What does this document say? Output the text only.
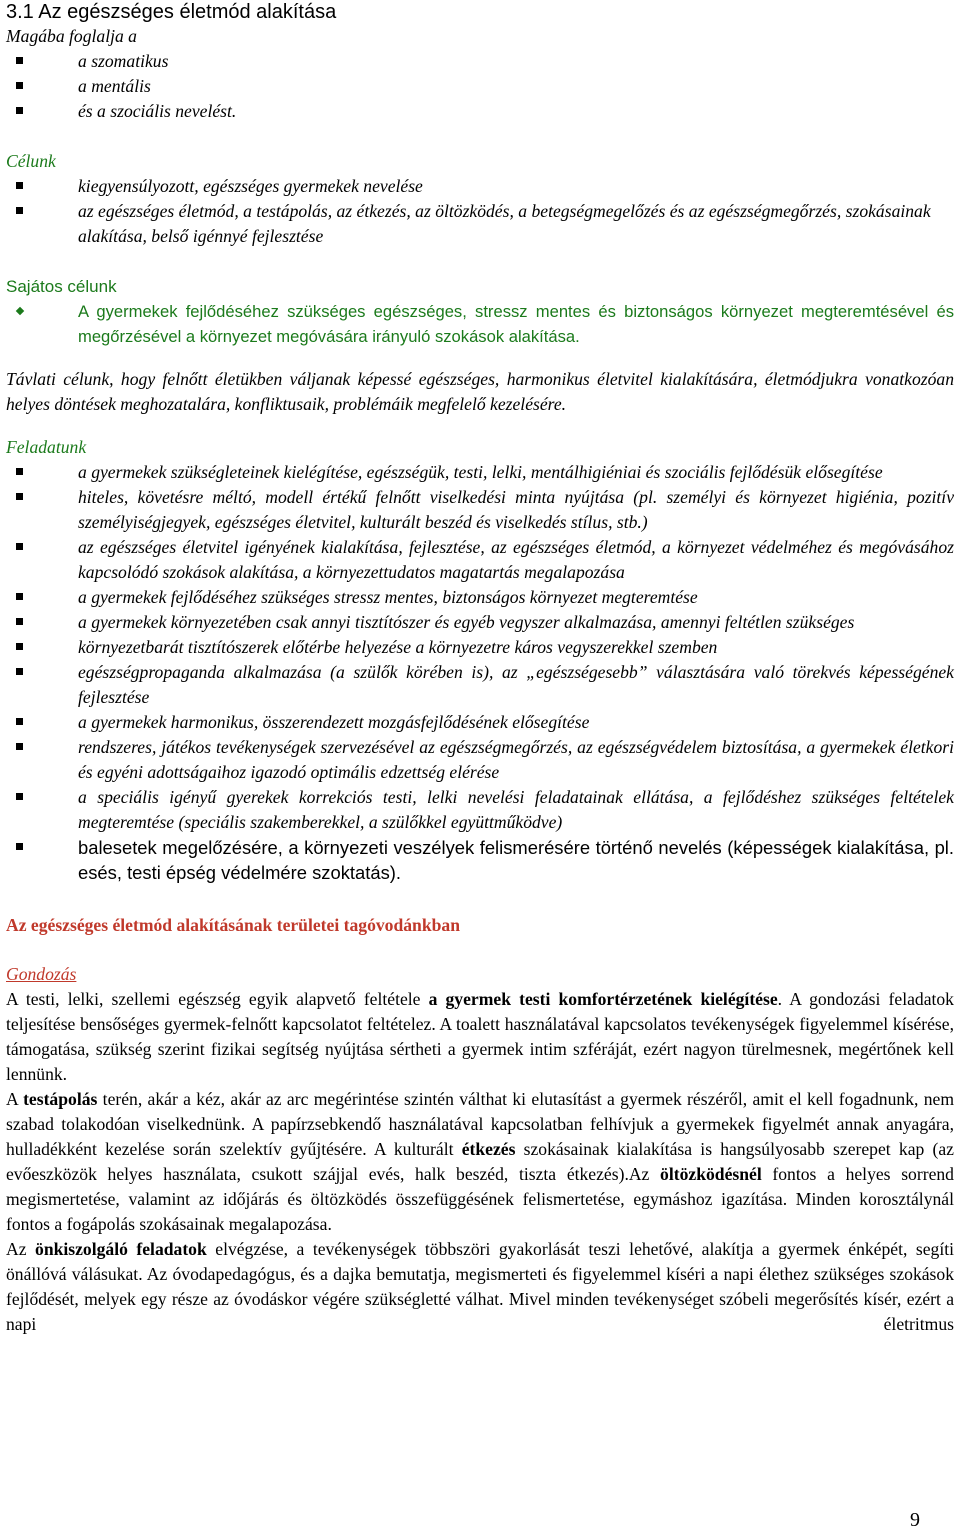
3.1 Az egészséges életmód alakítása

Magába foglalja a

a szomatikus
a mentális
és a szociális nevelést.

Célunk

kiegyensúlyozott, egészséges gyermekek nevelése
az egészséges életmód, a testápolás, az étkezés, az öltözködés, a betegségmegelőzés és az egészségmegőrzés, szokásainak alakítása, belső igénnyé fejlesztése

Sajátos célunk

A gyermekek fejlődéséhez szükséges egészséges, stressz mentes és biztonságos környezet megteremtésével és megőrzésével a környezet megóvására irányuló szokások alakítása.

Távlati célunk, hogy felnőtt életükben váljanak képessé egészséges, harmonikus életvitel kialakítására, életmódjukra vonatkozóan helyes döntések meghozatalára, konfliktusaik, problémáik megfelelő kezelésére.

Feladatunk

a gyermekek szükségleteinek kielégítése, egészségük, testi, lelki, mentálhigiéniai és szociális fejlődésük elősegítése
hiteles, követésre méltó, modell értékű felnőtt viselkedési minta nyújtása (pl. személyi és környezet higiénia, pozitív személyiségjegyek, egészséges életvitel, kulturált beszéd és viselkedés stílus, stb.)
az egészséges életvitel igényének kialakítása, fejlesztése, az egészséges életmód, a környezet védelméhez és megóvásához kapcsolódó szokások alakítása, a környezettudatos magatartás megalapozása
a gyermekek fejlődéséhez szükséges stressz mentes, biztonságos környezet megteremtése
a gyermekek környezetében csak annyi tisztítószer és egyéb vegyszer alkalmazása, amennyi feltétlen szükséges
környezetbarát tisztítószerek előtérbe helyezése a környezetre káros vegyszerekkel szemben
egészségpropaganda alkalmazása (a szülők körében is), az „egészségesebb” választására való törekvés képességének fejlesztése
a gyermekek harmonikus, összerendezett mozgásfejlődésének elősegítése
rendszeres, játékos tevékenységek szervezésével az egészségmegőrzés, az egészségvédelem biztosítása, a gyermekek életkori és egyéni adottságaihoz igazodó optimális edzettség elérése
a speciális igényű gyerekek korrekciós testi, lelki nevelési feladatainak ellátása, a fejlődéshez szükséges feltételek megteremtése (speciális szakemberekkel, a szülőkkel együttműködve)
balesetek megelőzésére, a környezeti veszélyek felismerésére történő nevelés (képességek kialakítása, pl. esés, testi épség védelmére szoktatás).

Az egészséges életmód alakításának területei tagóvodánkban

Gondozás

A testi, lelki, szellemi egészség egyik alapvető feltétele a gyermek testi komfortérzetének kielégítése. A gondozási feladatok teljesítése bensőséges gyermek-felnőtt kapcsolatot feltételez. A toalett használatával kapcsolatos tevékenységek figyelemmel kísérése, támogatása, szükség szerint fizikai segítség nyújtása sértheti a gyermek intim szféráját, ezért nagyon türelmesnek, megértőnek kell lennünk.

A testápolás terén, akár a kéz, akár az arc megérintése szintén válthat ki elutasítást a gyermek részéről, amit el kell fogadnunk, nem szabad tolakodóan viselkednünk. A papírzsebkendő használatával kapcsolatban felhívjuk a gyermekek figyelmét annak anyagára, hulladékként kezelése során szelektív gyűjtésére. A kulturált étkezés szokásainak kialakítása is hangsúlyosabb szerepet kap (az evőeszközök helyes használata, csukott szájjal evés, halk beszéd, tiszta étkezés).Az öltözködésnél fontos a helyes sorrend megismertetése, valamint az időjárás és öltözködés összefüggésének felismertetése, egymáshoz igazítása. Minden korosztálynál fontos a fogápolás szokásainak megalapozása.

Az önkiszolgáló feladatok elvégzése, a tevékenységek többszöri gyakorlását teszi lehetővé, alakítja a gyermek énképét, segíti önállóvá válásukat. Az óvodapedagógus, és a dajka bemutatja, megismerteti és figyelemmel kíséri a napi élethez szükséges szokások fejlődését, melyek egy része az óvodáskor végére szükségletté válhat. Mivel minden tevékenységet szóbeli megerősítés kísér, ezért a napi életritmus

9
